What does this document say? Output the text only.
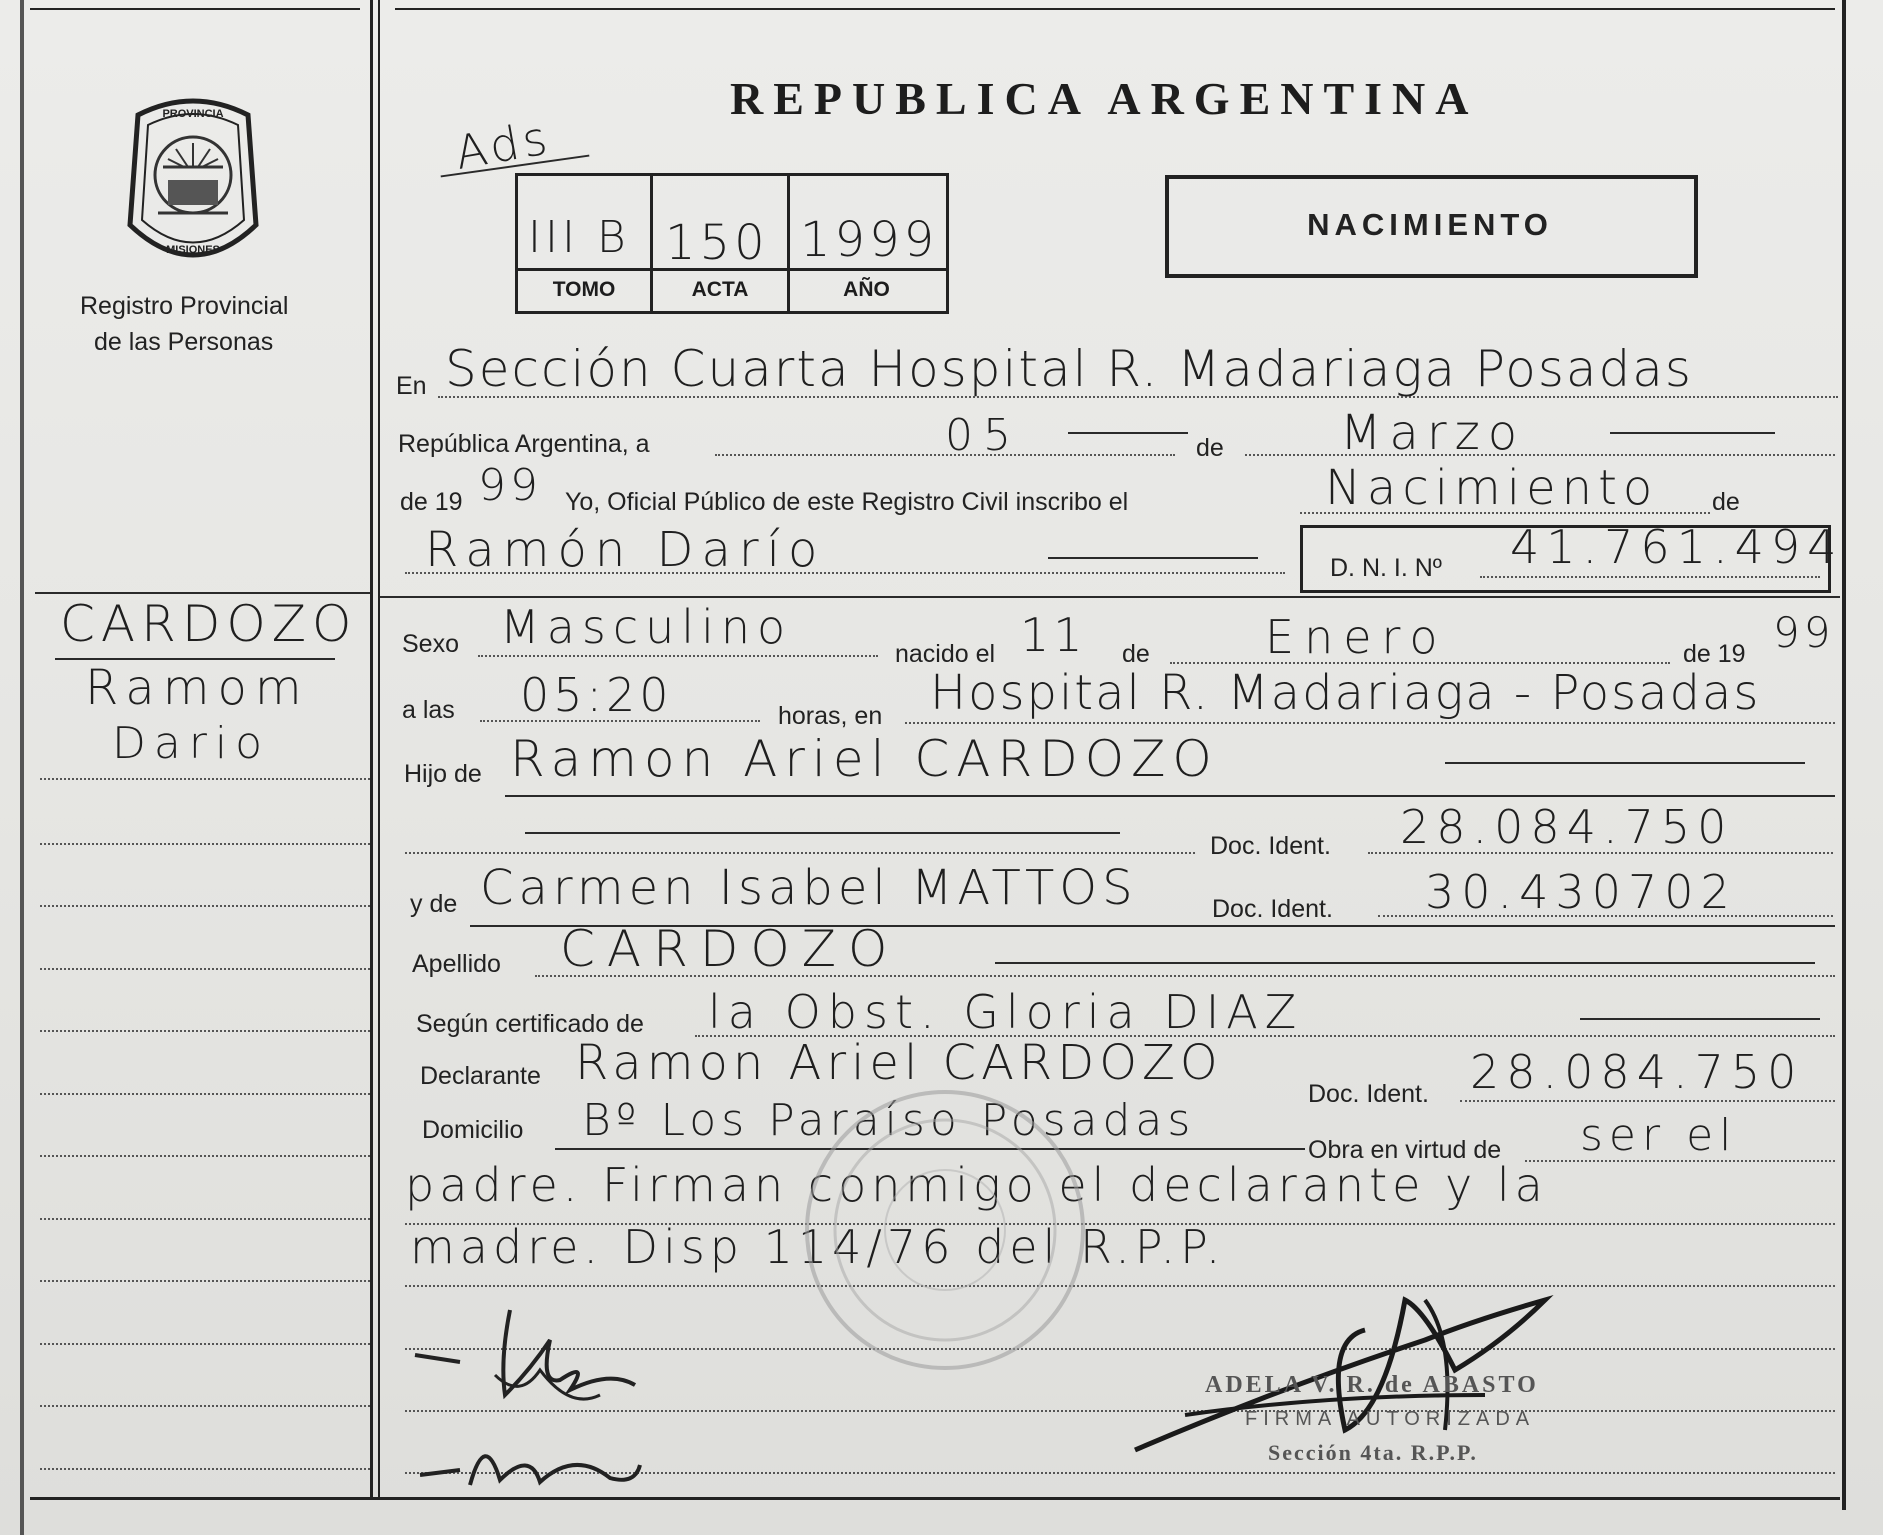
PROVINCIA
MISIONES
Registro Provincial
de las Personas
REPUBLICA ARGENTINA
Ads
III B 150 1999
TOMO	ACTA	AÑO
NACIMIENTO
En Sección Cuarta Hospital R. Madariaga Posadas
República Argentina, a	05	de Marzo
de 19 99 Yo, Oficial Público de este Registro Civil inscribo el	Nacimiento de
Ramón Darío	D. N. I. Nº 41.761.494
CARDOZO
Ramom
Dario
Sexo Masculino	nacido el 11 de	Enero	de 19 99
a las 05:20	horas, en Hospital R. Madariaga - Posadas
Hijo de Ramon Ariel CARDOZO
Doc. Ident. 28.084.750
y de Carmen Isabel MATTOS	Doc. Ident. 30.430702
Apellido CARDOZO
Según certificado de la Obst. Gloria DIAZ
Declarante Ramon Ariel CARDOZO
Doc. Ident. 28.084.750
Domicilio Bº Los Paraíso Posadas
Obra en virtud de ser el
padre. Firman conmigo el declarante y la
madre. Disp 114/76 del R.P.P.
ADELA V. R. de ABASTO
FIRMA AUTORIZADA
Sección 4ta. R.P.P.
